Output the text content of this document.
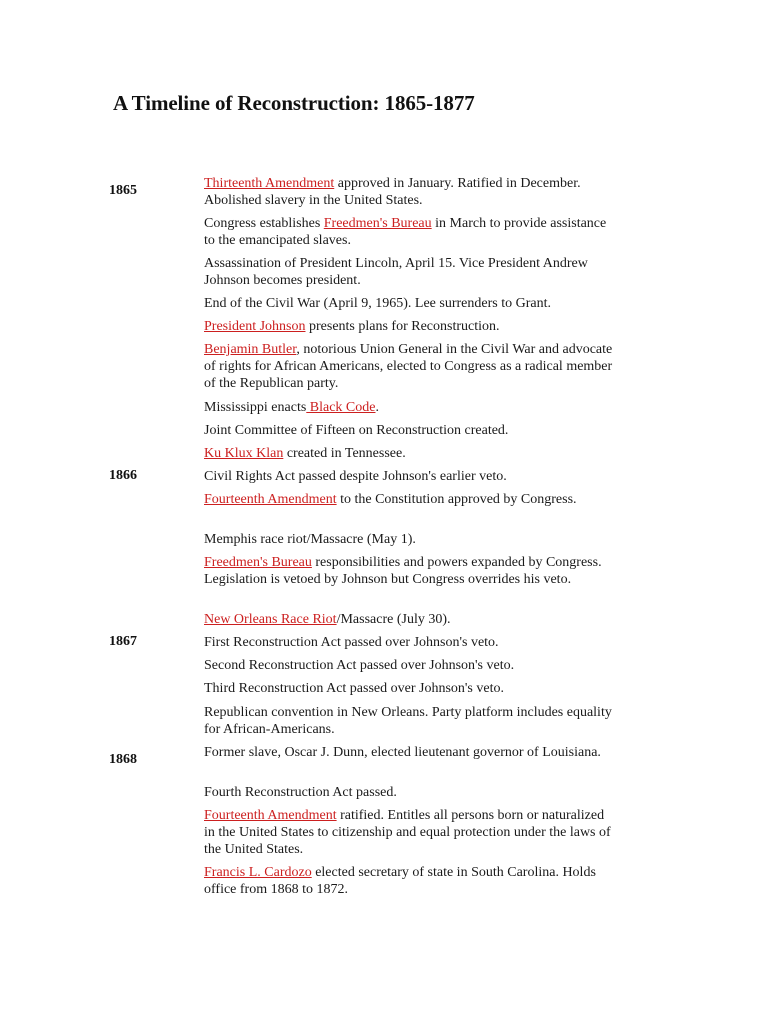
A Timeline of Reconstruction: 1865-1877
1865
1866
1867
1868
Thirteenth Amendment approved in January. Ratified in December. Abolished slavery in the United States.
Congress establishes Freedmen's Bureau in March to provide assistance to the emancipated slaves.
Assassination of President Lincoln, April 15. Vice President Andrew Johnson becomes president.
End of the Civil War (April 9, 1965). Lee surrenders to Grant.
President Johnson presents plans for Reconstruction.
Benjamin Butler, notorious Union General in the Civil War and advocate of rights for African Americans, elected to Congress as a radical member of the Republican party.
Mississippi enacts Black Code.
Joint Committee of Fifteen on Reconstruction created.
Ku Klux Klan created in Tennessee.
Civil Rights Act passed despite Johnson's earlier veto.
Fourteenth Amendment to the Constitution approved by Congress.
Memphis race riot/Massacre (May 1).
Freedmen's Bureau responsibilities and powers expanded by Congress. Legislation is vetoed by Johnson but Congress overrides his veto.
New Orleans Race Riot/Massacre (July 30).
First Reconstruction Act passed over Johnson's veto.
Second Reconstruction Act passed over Johnson's veto.
Third Reconstruction Act passed over Johnson's veto.
Republican convention in New Orleans. Party platform includes equality for African-Americans.
Former slave, Oscar J. Dunn, elected lieutenant governor of Louisiana.
Fourth Reconstruction Act passed.
Fourteenth Amendment ratified. Entitles all persons born or naturalized in the United States to citizenship and equal protection under the laws of the United States.
Francis L. Cardozo elected secretary of state in South Carolina. Holds office from 1868 to 1872.
